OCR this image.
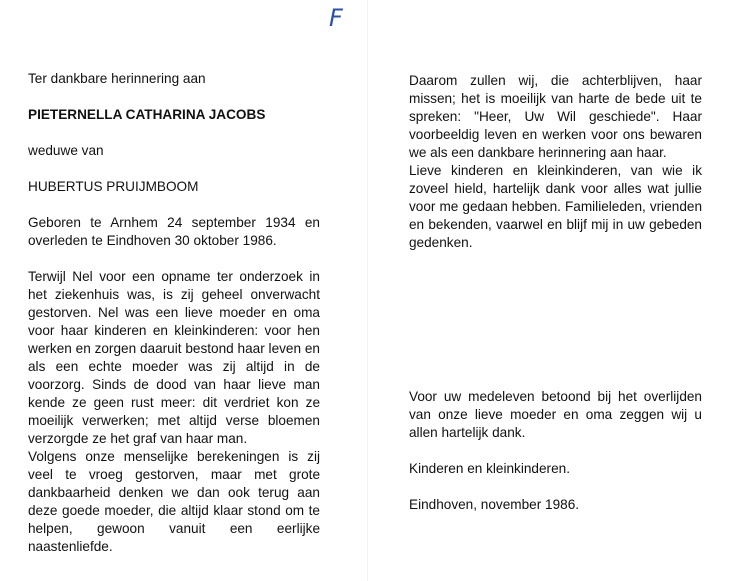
F

Ter dankbare herinnering aan

PIETERNELLA CATHARINA JACOBS

weduwe van

HUBERTUS PRUIJMBOOM

Geboren te Arnhem 24 september 1934 en overleden te Eindhoven 30 oktober 1986.

Terwijl Nel voor een opname ter onderzoek in het ziekenhuis was, is zij geheel onverwacht gestorven. Nel was een lieve moeder en oma voor haar kinderen en kleinkinderen: voor hen werken en zorgen daaruit bestond haar leven en als een echte moeder was zij altijd in de voorzorg. Sinds de dood van haar lieve man kende ze geen rust meer: dit verdriet kon ze moeilijk verwerken; met altijd verse bloemen verzorgde ze het graf van haar man.

Volgens onze menselijke berekeningen is zij veel te vroeg gestorven, maar met grote dankbaarheid denken we dan ook terug aan deze goede moeder, die altijd klaar stond om te helpen, gewoon vanuit een eerlijke naastenliefde.

Daarom zullen wij, die achterblijven, haar missen; het is moeilijk van harte de bede uit te spreken: "Heer, Uw Wil geschiede". Haar voorbeeldig leven en werken voor ons bewaren we als een dankbare herinnering aan haar.

Lieve kinderen en kleinkinderen, van wie ik zoveel hield, hartelijk dank voor alles wat jullie voor me gedaan hebben. Familieleden, vrienden en bekenden, vaarwel en blijf mij in uw gebeden gedenken.

Voor uw medeleven betoond bij het overlijden van onze lieve moeder en oma zeggen wij u allen hartelijk dank.

Kinderen en kleinkinderen.

Eindhoven, november 1986.
